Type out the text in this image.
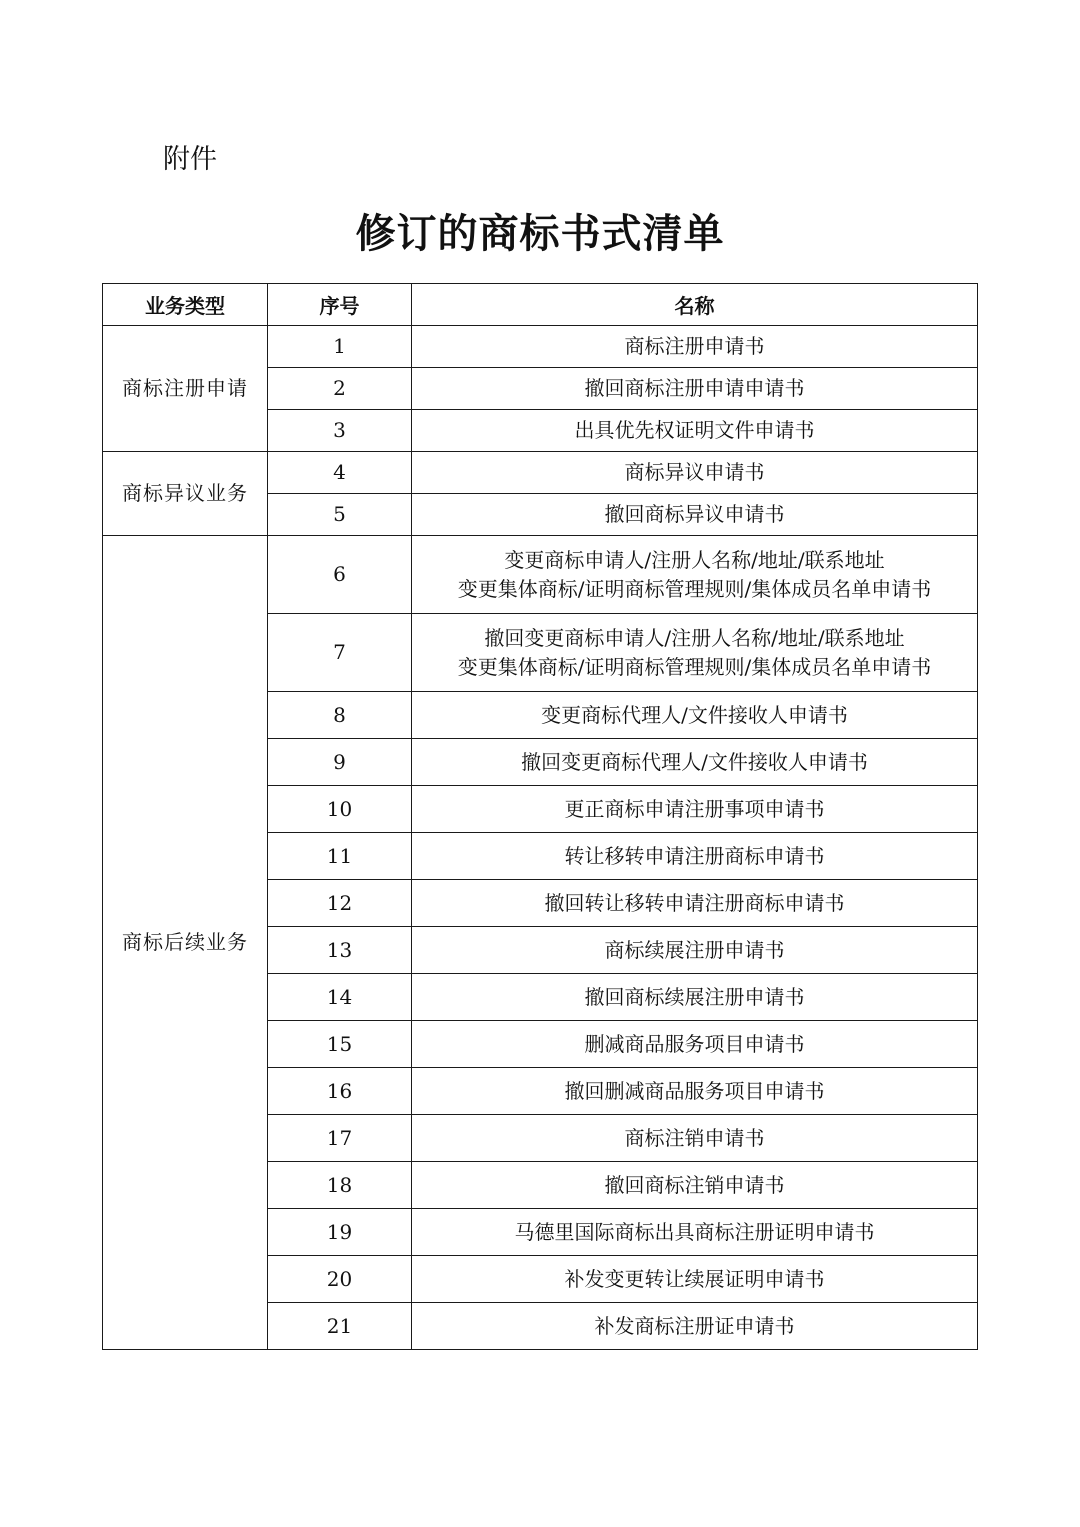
附件

修订的商标书式清单
业务类型	序号	名称
商标注册申请	1	商标注册申请书

	2	撤回商标注册申请申请书

	3	出具优先权证明文件申请书

商标异议业务	4	商标异议申请书

	5	撤回商标异议申请书

商标后续业务	6	变更商标申请人/注册人名称/地址/联系地址
变更集体商标/证明商标管理规则/集体成员名单申请书

	7	撤回变更商标申请人/注册人名称/地址/联系地址
变更集体商标/证明商标管理规则/集体成员名单申请书

	8	变更商标代理人/文件接收人申请书

	9	撤回变更商标代理人/文件接收人申请书

	10	更正商标申请注册事项申请书

	11	转让移转申请注册商标申请书

	12	撤回转让移转申请注册商标申请书

	13	商标续展注册申请书

	14	撤回商标续展注册申请书

	15	删减商品服务项目申请书

	16	撤回删减商品服务项目申请书

	17	商标注销申请书

	18	撤回商标注销申请书

	19	马德里国际商标出具商标注册证明申请书

	20	补发变更转让续展证明申请书

	21	补发商标注册证申请书
